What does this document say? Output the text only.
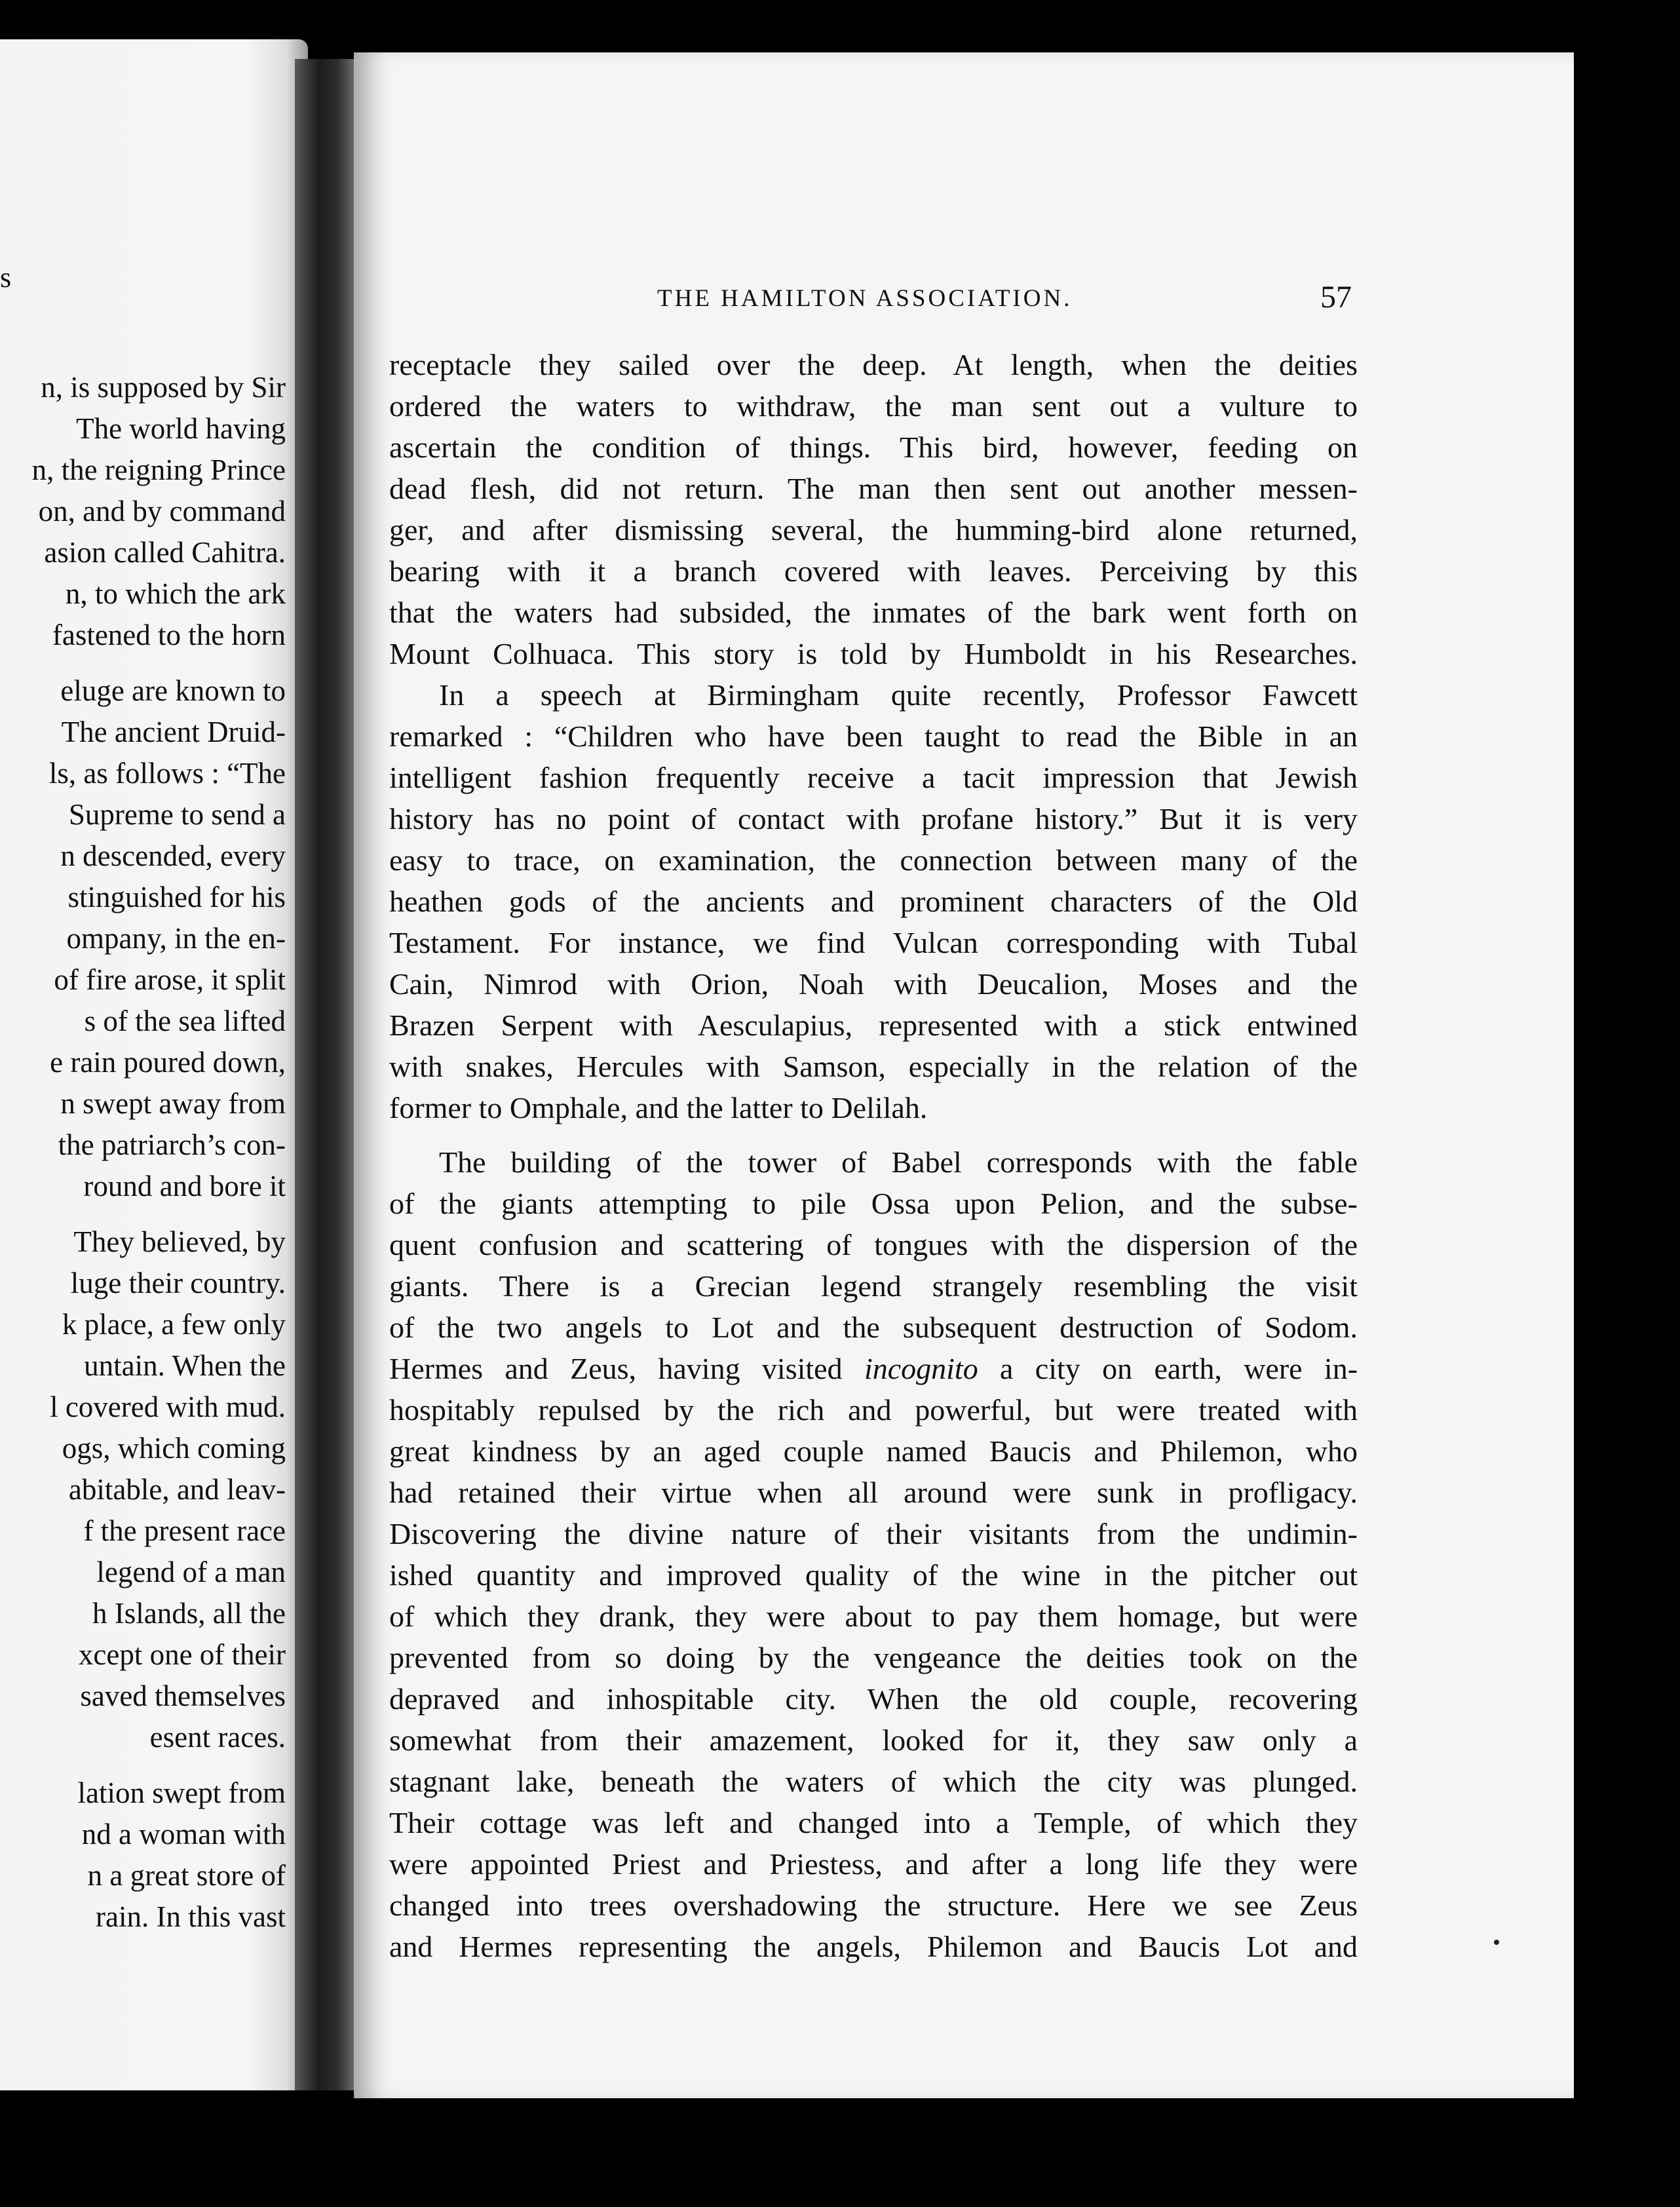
s
n, is supposed by Sir
The world having
n, the reigning Prince
on, and by command
asion called Cahitra.
n, to which the ark
fastened to the horn
eluge are known to
The ancient Druid-
ls, as follows : “The
Supreme to send a
n descended, every
stinguished for his
ompany, in the en-
of fire arose, it split
s of the sea lifted
e rain poured down,
n swept away from
the patriarch’s con-
round and bore it
They believed, by
luge their country.
k place, a few only
untain. When the
l covered with mud.
ogs, which coming
abitable, and leav-
f the present race
legend of a man
h Islands, all the
xcept one of their
saved themselves
esent races.
lation swept from
nd a woman with
n a great store of
rain. In this vast
THE HAMILTON ASSOCIATION.	57
receptacle they sailed over the deep. At length, when the deities
ordered the waters to withdraw, the man sent out a vulture to
ascertain the condition of things. This bird, however, feeding on
dead flesh, did not return. The man then sent out another messen-
ger, and after dismissing several, the humming-bird alone returned,
bearing with it a branch covered with leaves. Perceiving by this
that the waters had subsided, the inmates of the bark went forth on
Mount Colhuaca. This story is told by Humboldt in his Researches.
In a speech at Birmingham quite recently, Professor Fawcett
remarked : “Children who have been taught to read the Bible in an
intelligent fashion frequently receive a tacit impression that Jewish
history has no point of contact with profane history.” But it is very
easy to trace, on examination, the connection between many of the
heathen gods of the ancients and prominent characters of the Old
Testament. For instance, we find Vulcan corresponding with Tubal
Cain, Nimrod with Orion, Noah with Deucalion, Moses and the
Brazen Serpent with Aesculapius, represented with a stick entwined
with snakes, Hercules with Samson, especially in the relation of the
former to Omphale, and the latter to Delilah.
The building of the tower of Babel corresponds with the fable
of the giants attempting to pile Ossa upon Pelion, and the subse-
quent confusion and scattering of tongues with the dispersion of the
giants. There is a Grecian legend strangely resembling the visit
of the two angels to Lot and the subsequent destruction of Sodom.
Hermes and Zeus, having visited incognito a city on earth, were in-
hospitably repulsed by the rich and powerful, but were treated with
great kindness by an aged couple named Baucis and Philemon, who
had retained their virtue when all around were sunk in profligacy.
Discovering the divine nature of their visitants from the undimin-
ished quantity and improved quality of the wine in the pitcher out
of which they drank, they were about to pay them homage, but were
prevented from so doing by the vengeance the deities took on the
depraved and inhospitable city. When the old couple, recovering
somewhat from their amazement, looked for it, they saw only a
stagnant lake, beneath the waters of which the city was plunged.
Their cottage was left and changed into a Temple, of which they
were appointed Priest and Priestess, and after a long life they were
changed into trees overshadowing the structure. Here we see Zeus
and Hermes representing the angels, Philemon and Baucis Lot and
